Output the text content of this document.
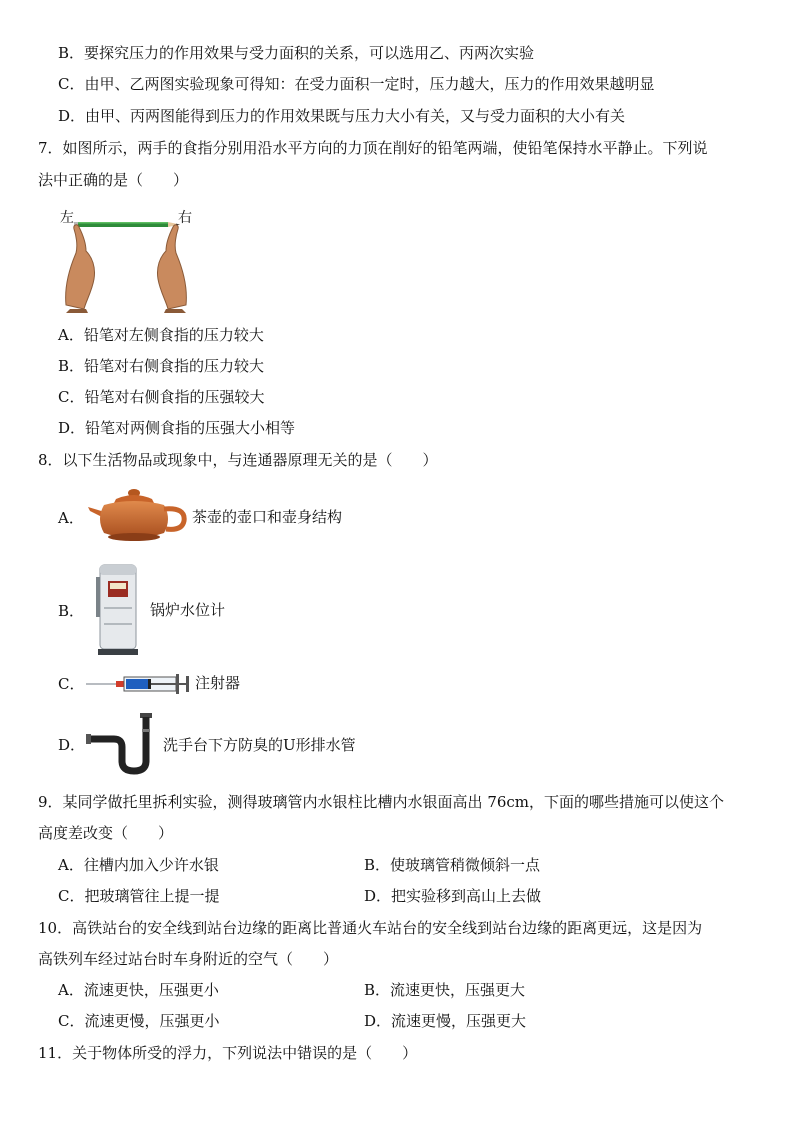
B．要探究压力的作用效果与受力面积的关系，可以选用乙、丙两次实验
C．由甲、乙两图实验现象可得知：在受力面积一定时，压力越大，压力的作用效果越明显
D．由甲、丙两图能得到压力的作用效果既与压力大小有关，又与受力面积的大小有关
7．如图所示，两手的食指分别用沿水平方向的力顶在削好的铅笔两端，使铅笔保持水平静止。下列说
法中正确的是（　　）
左	右
A．铅笔对左侧食指的压力较大
B．铅笔对右侧食指的压力较大
C．铅笔对右侧食指的压强较大
D．铅笔对两侧食指的压强大小相等
8．以下生活物品或现象中，与连通器原理无关的是（　　）
A．	茶壶的壶口和壶身结构
B．	锅炉水位计
C．	注射器
D．	洗手台下方防臭的U形排水管
9．某同学做托里拆利实验，测得玻璃管内水银柱比槽内水银面高出 76cm，下面的哪些措施可以使这个
高度差改变（　　）
A．往槽内加入少许水银	B．使玻璃管稍微倾斜一点
C．把玻璃管往上提一提	D．把实验移到高山上去做
10．高铁站台的安全线到站台边缘的距离比普通火车站台的安全线到站台边缘的距离更远，这是因为
高铁列车经过站台时车身附近的空气（　　）
A．流速更快，压强更小	B．流速更快，压强更大
C．流速更慢，压强更小	D．流速更慢，压强更大
11．关于物体所受的浮力，下列说法中错误的是（　　）
